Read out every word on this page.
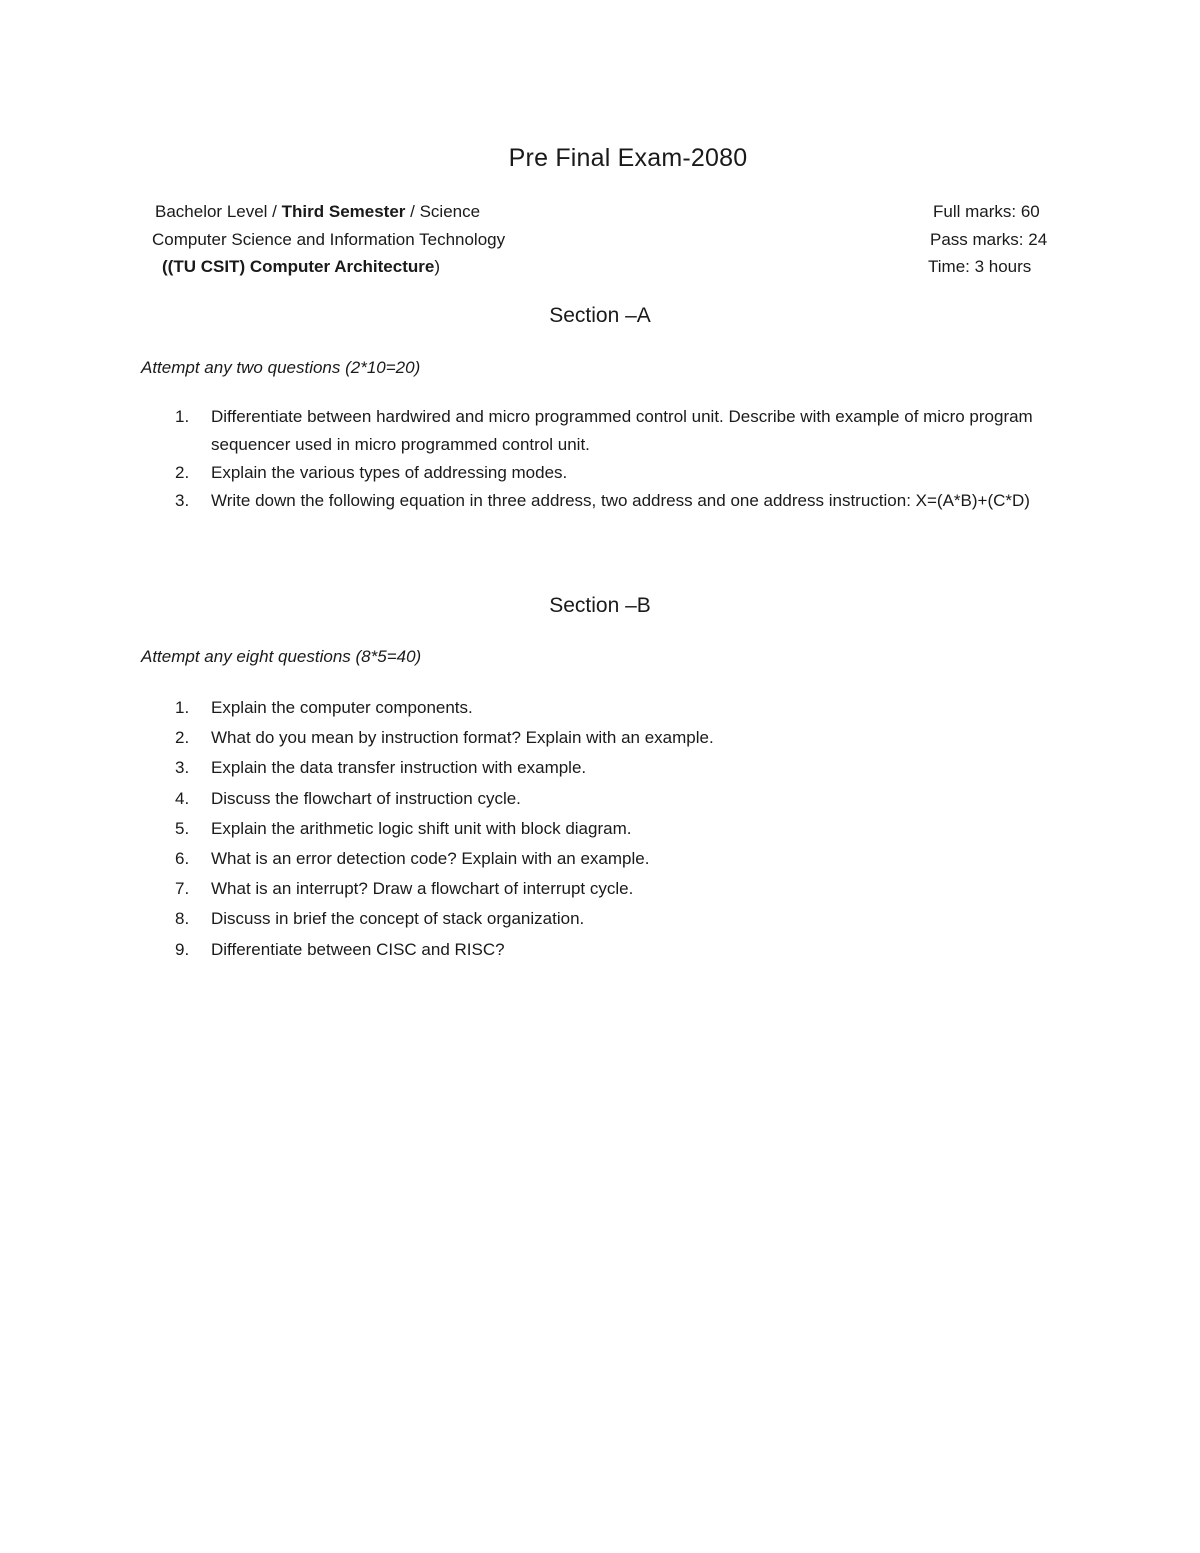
Pre Final Exam-2080
Bachelor Level / Third Semester / Science
Computer Science and Information Technology
((TU CSIT) Computer Architecture)
Full marks: 60
Pass marks: 24
Time: 3 hours
Section –A
Attempt any two questions (2*10=20)
1. Differentiate between hardwired and micro programmed control unit. Describe with example of micro program sequencer used in micro programmed control unit.
2. Explain the various types of addressing modes.
3. Write down the following equation in three address, two address and one address instruction: X=(A*B)+(C*D)
Section –B
Attempt any eight questions (8*5=40)
1. Explain the computer components.
2. What do you mean by instruction format? Explain with an example.
3. Explain the data transfer instruction with example.
4. Discuss the flowchart of instruction cycle.
5. Explain the arithmetic logic shift unit with block diagram.
6. What is an error detection code? Explain with an example.
7. What is an interrupt? Draw a flowchart of interrupt cycle.
8. Discuss in brief the concept of stack organization.
9. Differentiate between CISC and RISC?
